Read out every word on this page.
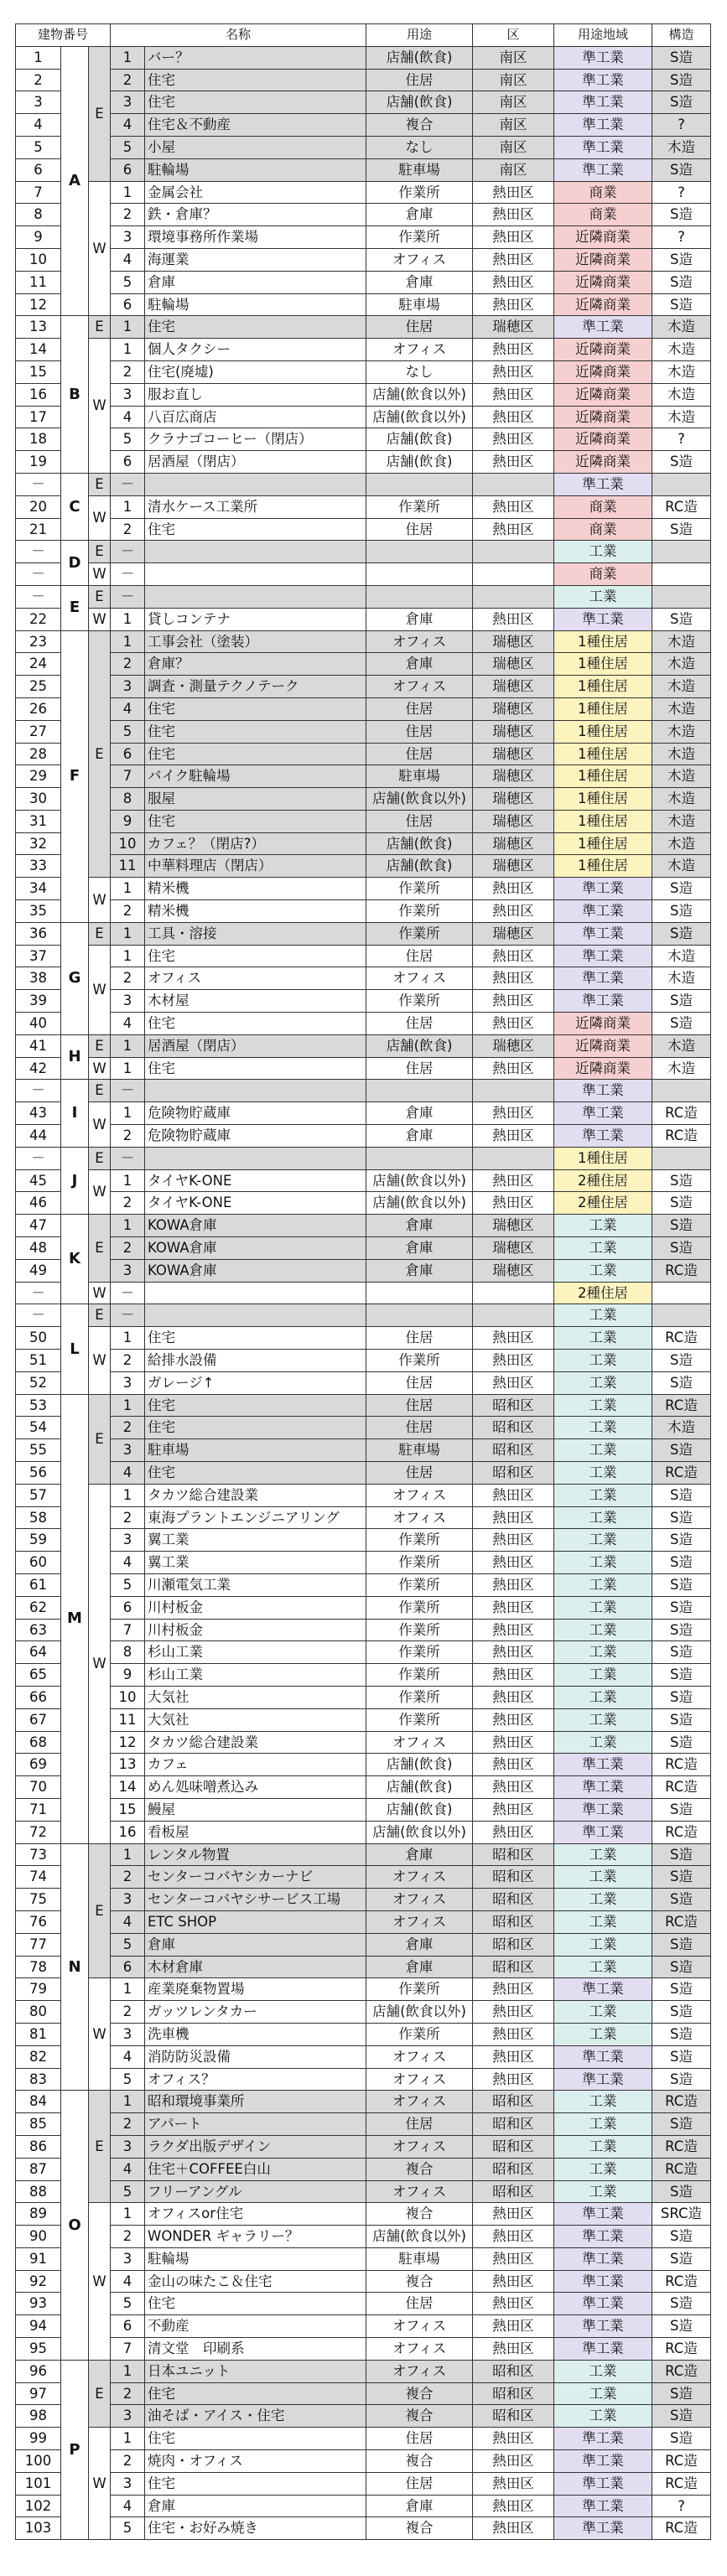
建物番号			名称		用途	区	用途地域	構造
1	A	E	1	バー？	店舗(飲食)	南区	準工業	S造
2			2	住宅	住居	南区	準工業	S造
3			3	住宅	店舗(飲食)	南区	準工業	S造
4			4	住宅＆不動産	複合	南区	準工業	?
5			5	小屋	なし	南区	準工業	木造
6			6	駐輪場	駐車場	南区	準工業	S造
7		W	1	金属会社	作業所	熱田区	商業	?
8			2	鉄・倉庫？	倉庫	熱田区	商業	S造
9			3	環境事務所作業場	作業所	熱田区	近隣商業	?
10			4	海運業	オフィス	熱田区	近隣商業	S造
11			5	倉庫	倉庫	熱田区	近隣商業	S造
12			6	駐輪場	駐車場	熱田区	近隣商業	S造
13	B	E	1	住宅	住居	瑞穂区	準工業	木造
14		W	1	個人タクシー	オフィス	熱田区	近隣商業	木造
15			2	住宅(廃墟)	なし	熱田区	近隣商業	木造
16			3	服お直し	店舗(飲食以外)	熱田区	近隣商業	木造
17			4	八百広商店	店舗(飲食以外)	熱田区	近隣商業	木造
18			5	クラナゴコーヒー（閉店）	店舗(飲食)	熱田区	近隣商業	?
19			6	居酒屋（閉店）	店舗(飲食)	熱田区	近隣商業	S造
－	C	E	－				準工業	
20		W	1	清水ケース工業所	作業所	熱田区	商業	RC造
21			2	住宅	住居	熱田区	商業	S造
－	D	E	－				工業	
－		W	－				商業	
－	E	E	－				工業	
22		W	1	貸しコンテナ	倉庫	熱田区	準工業	S造
23	F	E	1	工事会社（塗装）	オフィス	瑞穂区	1種住居	木造
24			2	倉庫？	倉庫	瑞穂区	1種住居	木造
25			3	調査・測量テクノテーク	オフィス	瑞穂区	1種住居	木造
26			4	住宅	住居	瑞穂区	1種住居	木造
27			5	住宅	住居	瑞穂区	1種住居	木造
28			6	住宅	住居	瑞穂区	1種住居	木造
29			7	バイク駐輪場	駐車場	瑞穂区	1種住居	木造
30			8	服屋	店舗(飲食以外)	瑞穂区	1種住居	木造
31			9	住宅	住居	瑞穂区	1種住居	木造
32			10	カフェ？（閉店?）	店舗(飲食)	瑞穂区	1種住居	木造
33			11	中華料理店（閉店）	店舗(飲食)	瑞穂区	1種住居	木造
34		W	1	精米機	作業所	熱田区	準工業	S造
35			2	精米機	作業所	熱田区	準工業	S造
36	G	E	1	工具・溶接	作業所	瑞穂区	準工業	S造
37		W	1	住宅	住居	熱田区	準工業	木造
38			2	オフィス	オフィス	熱田区	準工業	木造
39			3	木材屋	作業所	熱田区	準工業	S造
40			4	住宅	住居	熱田区	近隣商業	S造
41	H	E	1	居酒屋（閉店）	店舗(飲食)	瑞穂区	近隣商業	木造
42		W	1	住宅	住居	熱田区	近隣商業	木造
－	I	E	－				準工業	
43		W	1	危険物貯蔵庫	倉庫	熱田区	準工業	RC造
44			2	危険物貯蔵庫	倉庫	熱田区	準工業	RC造
－	J	E	－				1種住居	
45		W	1	タイヤK-ONE	店舗(飲食以外)	熱田区	2種住居	S造
46			2	タイヤK-ONE	店舗(飲食以外)	熱田区	2種住居	S造
47	K	E	1	KOWA倉庫	倉庫	瑞穂区	工業	S造
48			2	KOWA倉庫	倉庫	瑞穂区	工業	S造
49			3	KOWA倉庫	倉庫	瑞穂区	工業	RC造
－		W	－				2種住居	
－	L	E	－				工業	
50		W	1	住宅	住居	熱田区	工業	RC造
51			2	給排水設備	作業所	熱田区	工業	S造
52			3	ガレージ↑	住居	熱田区	工業	S造
53	M	E	1	住宅	住居	昭和区	工業	RC造
54			2	住宅	住居	昭和区	工業	木造
55			3	駐車場	駐車場	昭和区	工業	S造
56			4	住宅	住居	昭和区	工業	RC造
57		W	1	タカツ総合建設業	オフィス	熱田区	工業	S造
58			2	東海プラントエンジニアリング	オフィス	熱田区	工業	S造
59			3	翼工業	作業所	熱田区	工業	S造
60			4	翼工業	作業所	熱田区	工業	S造
61			5	川瀬電気工業	作業所	熱田区	工業	S造
62			6	川村板金	作業所	熱田区	工業	S造
63			7	川村板金	作業所	熱田区	工業	S造
64			8	杉山工業	作業所	熱田区	工業	S造
65			9	杉山工業	作業所	熱田区	工業	S造
66			10	大気社	作業所	熱田区	工業	S造
67			11	大気社	作業所	熱田区	工業	S造
68			12	タカツ総合建設業	オフィス	熱田区	工業	S造
69			13	カフェ	店舗(飲食)	熱田区	準工業	RC造
70			14	めん処味噌煮込み	店舗(飲食)	熱田区	準工業	RC造
71			15	鰻屋	店舗(飲食)	熱田区	準工業	S造
72			16	看板屋	店舗(飲食以外)	熱田区	準工業	RC造
73	N	E	1	レンタル物置	倉庫	昭和区	工業	S造
74			2	センターコバヤシカーナビ	オフィス	昭和区	工業	S造
75			3	センターコバヤシサービス工場	オフィス	昭和区	工業	S造
76			4	ETC SHOP	オフィス	昭和区	工業	RC造
77			5	倉庫	倉庫	昭和区	工業	S造
78			6	木材倉庫	倉庫	昭和区	工業	S造
79		W	1	産業廃棄物置場	作業所	熱田区	準工業	S造
80			2	ガッツレンタカー	店舗(飲食以外)	熱田区	工業	S造
81			3	洗車機	作業所	熱田区	工業	S造
82			4	消防防災設備	オフィス	熱田区	準工業	S造
83			5	オフィス？	オフィス	熱田区	準工業	S造
84	O	E	1	昭和環境事業所	オフィス	昭和区	工業	RC造
85			2	アパート	住居	昭和区	工業	S造
86			3	ラクダ出版デザイン	オフィス	昭和区	工業	RC造
87			4	住宅＋COFFEE白山	複合	昭和区	工業	RC造
88			5	フリーアングル	オフィス	昭和区	工業	S造
89		W	1	オフィスor住宅	複合	熱田区	準工業	SRC造
90			2	WONDER ギャラリー？	店舗(飲食以外)	熱田区	準工業	S造
91			3	駐輪場	駐車場	熱田区	準工業	S造
92			4	金山の味たこ＆住宅	複合	熱田区	準工業	RC造
93			5	住宅	住居	熱田区	準工業	S造
94			6	不動産	オフィス	熱田区	準工業	S造
95			7	清文堂　印刷系	オフィス	熱田区	準工業	RC造
96	P	E	1	日本ユニット	オフィス	昭和区	工業	RC造
97			2	住宅	複合	昭和区	工業	S造
98			3	油そば・アイス・住宅	複合	昭和区	工業	S造
99		W	1	住宅	住居	熱田区	準工業	S造
100			2	焼肉・オフィス	複合	熱田区	準工業	RC造
101			3	住宅	住居	熱田区	準工業	RC造
102			4	倉庫	倉庫	熱田区	準工業	?
103			5	住宅・お好み焼き	複合	熱田区	準工業	RC造
